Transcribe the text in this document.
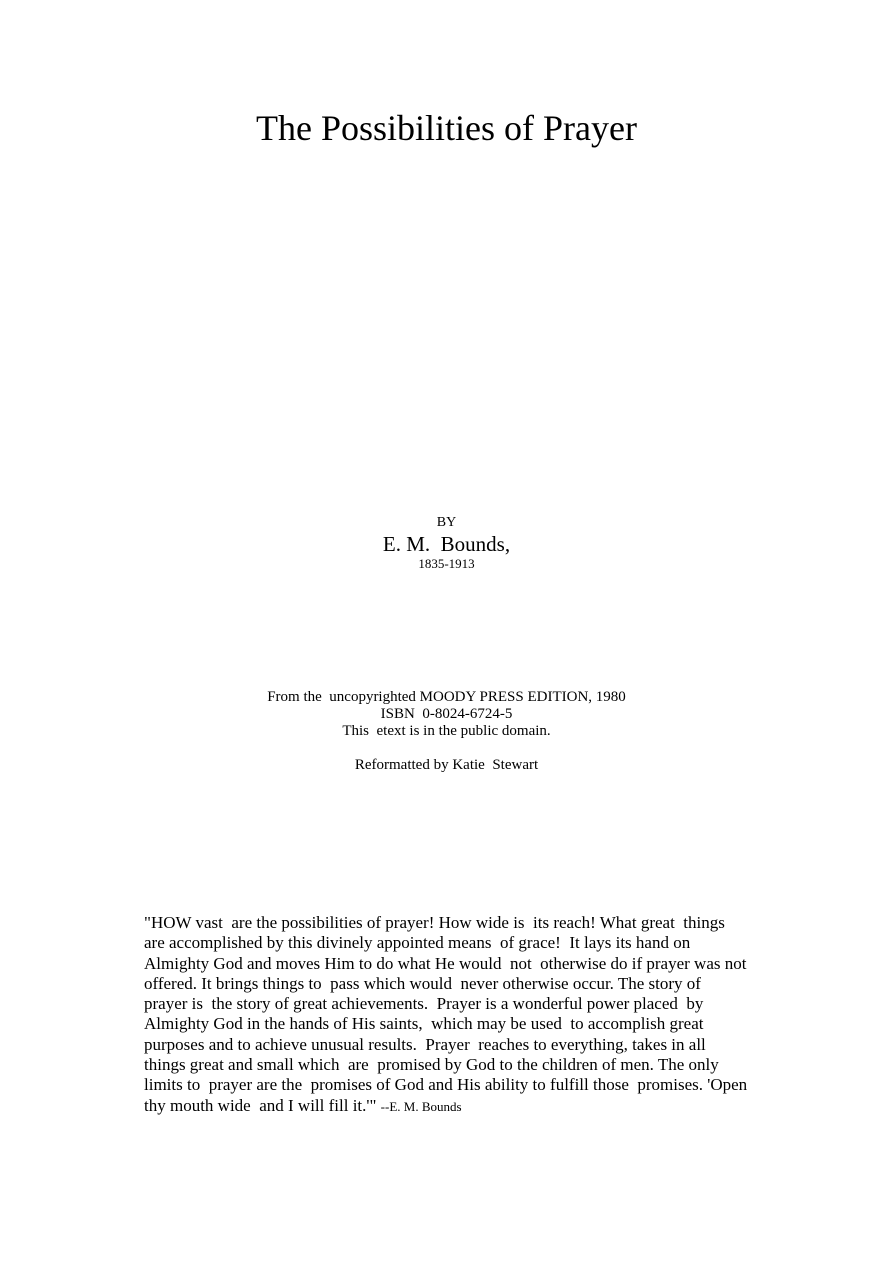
The Possibilities of Prayer
BY
E. M.  Bounds,
1835-1913
From the  uncopyrighted MOODY PRESS EDITION, 1980
ISBN  0-8024-6724-5
This  etext is in the public domain.
Reformatted by Katie  Stewart

"HOW vast  are the possibilities of prayer! How wide is  its reach! What great  things
are accomplished by this divinely appointed means  of grace!  It lays its hand on
Almighty God and moves Him to do what He would  not  otherwise do if prayer was not
offered. It brings things to  pass which would  never otherwise occur. The story of
prayer is  the story of great achievements.  Prayer is a wonderful power placed  by
Almighty God in the hands of His saints,  which may be used  to accomplish great
purposes and to achieve unusual results.  Prayer  reaches to everything, takes in all
things great and small which  are  promised by God to the children of men. The only
limits to  prayer are the  promises of God and His ability to fulfill those  promises. 'Open
thy mouth wide  and I will fill it.'" --E. M. Bounds
